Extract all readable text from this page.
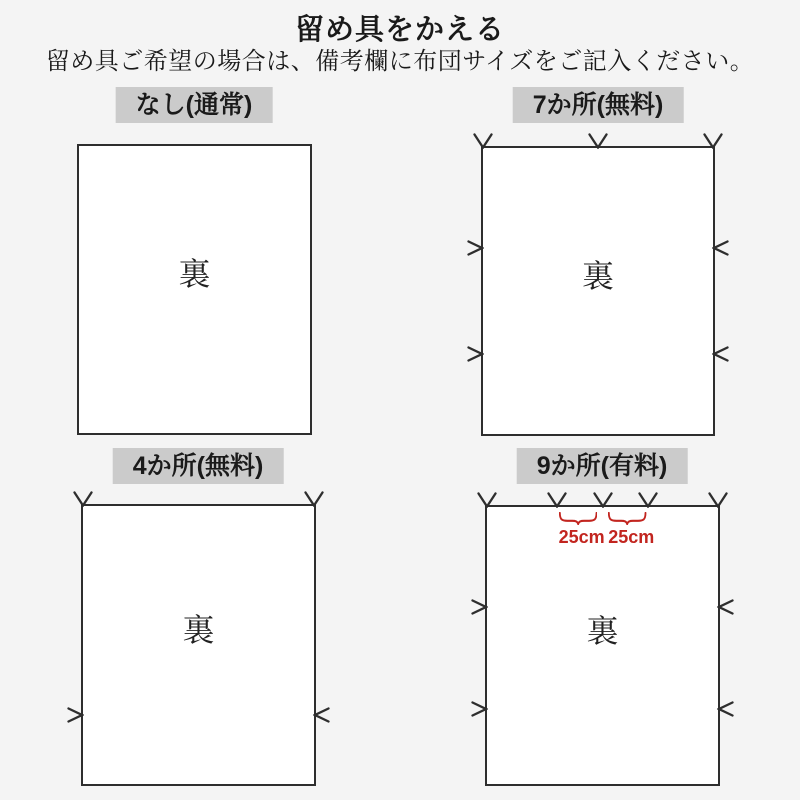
留め具をかえる

留め具ご希望の場合は、備考欄に布団サイズをご記入ください。

なし(通常)
裏
7か所(無料)
裏
4か所(無料)
裏
9か所(有料)
裏
25cm 25cm
